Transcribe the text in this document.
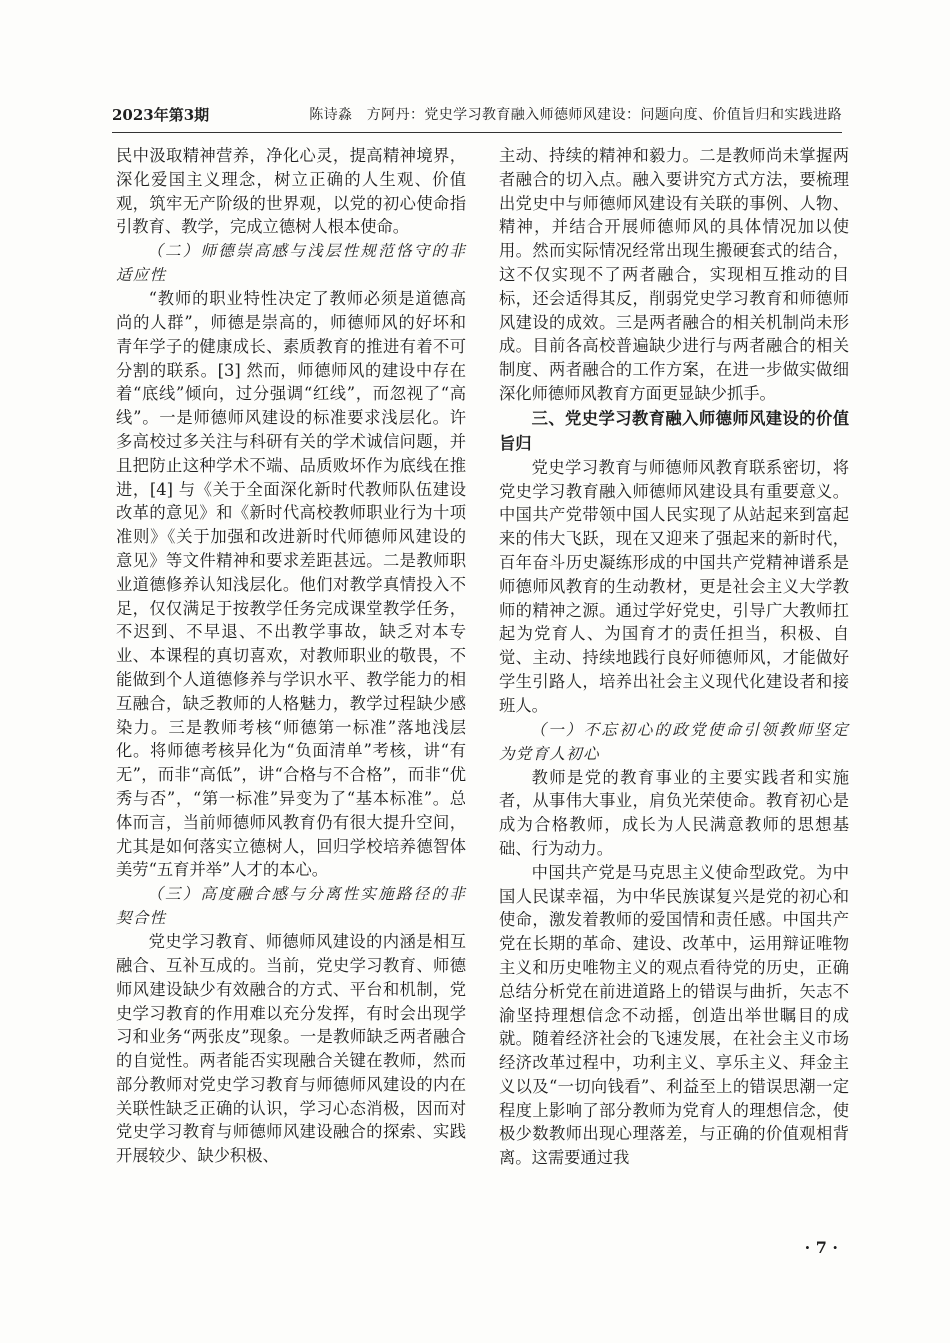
2023年第3期	陈诗淼　方阿丹：党史学习教育融入师德师风建设：问题向度、价值旨归和实践进路

民中汲取精神营养，净化心灵，提高精神境界，深化爱国主义理念，树立正确的人生观、价值观，筑牢无产阶级的世界观，以党的初心使命指引教育、教学，完成立德树人根本使命。

（二）师德崇高感与浅层性规范恪守的非适应性

“教师的职业特性决定了教师必须是道德高尚的人群”，师德是崇高的，师德师风的好坏和青年学子的健康成长、素质教育的推进有着不可分割的联系。[3] 然而，师德师风的建设中存在着“底线”倾向，过分强调“红线”，而忽视了“高线”。一是师德师风建设的标准要求浅层化。许多高校过多关注与科研有关的学术诚信问题，并且把防止这种学术不端、品质败坏作为底线在推进，[4] 与《关于全面深化新时代教师队伍建设改革的意见》和《新时代高校教师职业行为十项准则》《关于加强和改进新时代师德师风建设的意见》等文件精神和要求差距甚远。二是教师职业道德修养认知浅层化。他们对教学真情投入不足，仅仅满足于按教学任务完成课堂教学任务，不迟到、不早退、不出教学事故，缺乏对本专业、本课程的真切喜欢，对教师职业的敬畏，不能做到个人道德修养与学识水平、教学能力的相互融合，缺乏教师的人格魅力，教学过程缺少感染力。三是教师考核“师德第一标准”落地浅层化。将师德考核异化为“负面清单”考核，讲“有无”，而非“高低”，讲“合格与不合格”，而非“优秀与否”，“第一标准”异变为了“基本标准”。总体而言，当前师德师风教育仍有很大提升空间，尤其是如何落实立德树人，回归学校培养德智体美劳“五育并举”人才的本心。

（三）高度融合感与分离性实施路径的非契合性

党史学习教育、师德师风建设的内涵是相互融合、互补互成的。当前，党史学习教育、师德师风建设缺少有效融合的方式、平台和机制，党史学习教育的作用难以充分发挥，有时会出现学习和业务“两张皮”现象。一是教师缺乏两者融合的自觉性。两者能否实现融合关键在教师，然而部分教师对党史学习教育与师德师风建设的内在关联性缺乏正确的认识，学习心态消极，因而对党史学习教育与师德师风建设融合的探索、实践开展较少、缺少积极、

主动、持续的精神和毅力。二是教师尚未掌握两者融合的切入点。融入要讲究方式方法，要梳理出党史中与师德师风建设有关联的事例、人物、精神，并结合开展师德师风的具体情况加以使用。然而实际情况经常出现生搬硬套式的结合，这不仅实现不了两者融合，实现相互推动的目标，还会适得其反，削弱党史学习教育和师德师风建设的成效。三是两者融合的相关机制尚未形成。目前各高校普遍缺少进行与两者融合的相关制度、两者融合的工作方案，在进一步做实做细深化师德师风教育方面更显缺少抓手。

三、党史学习教育融入师德师风建设的价值旨归

党史学习教育与师德师风教育联系密切，将党史学习教育融入师德师风建设具有重要意义。中国共产党带领中国人民实现了从站起来到富起来的伟大飞跃，现在又迎来了强起来的新时代，百年奋斗历史凝练形成的中国共产党精神谱系是师德师风教育的生动教材，更是社会主义大学教师的精神之源。通过学好党史，引导广大教师扛起为党育人、为国育才的责任担当，积极、自觉、主动、持续地践行良好师德师风，才能做好学生引路人，培养出社会主义现代化建设者和接班人。

（一）不忘初心的政党使命引领教师坚定为党育人初心

教师是党的教育事业的主要实践者和实施者，从事伟大事业，肩负光荣使命。教育初心是成为合格教师，成长为人民满意教师的思想基础、行为动力。

中国共产党是马克思主义使命型政党。为中国人民谋幸福，为中华民族谋复兴是党的初心和使命，激发着教师的爱国情和责任感。中国共产党在长期的革命、建设、改革中，运用辩证唯物主义和历史唯物主义的观点看待党的历史，正确总结分析党在前进道路上的错误与曲折，矢志不渝坚持理想信念不动摇，创造出举世瞩目的成就。随着经济社会的飞速发展，在社会主义市场经济改革过程中，功利主义、享乐主义、拜金主义以及“一切向钱看”、利益至上的错误思潮一定程度上影响了部分教师为党育人的理想信念，使极少数教师出现心理落差，与正确的价值观相背离。这需要通过我

· 7 ·
